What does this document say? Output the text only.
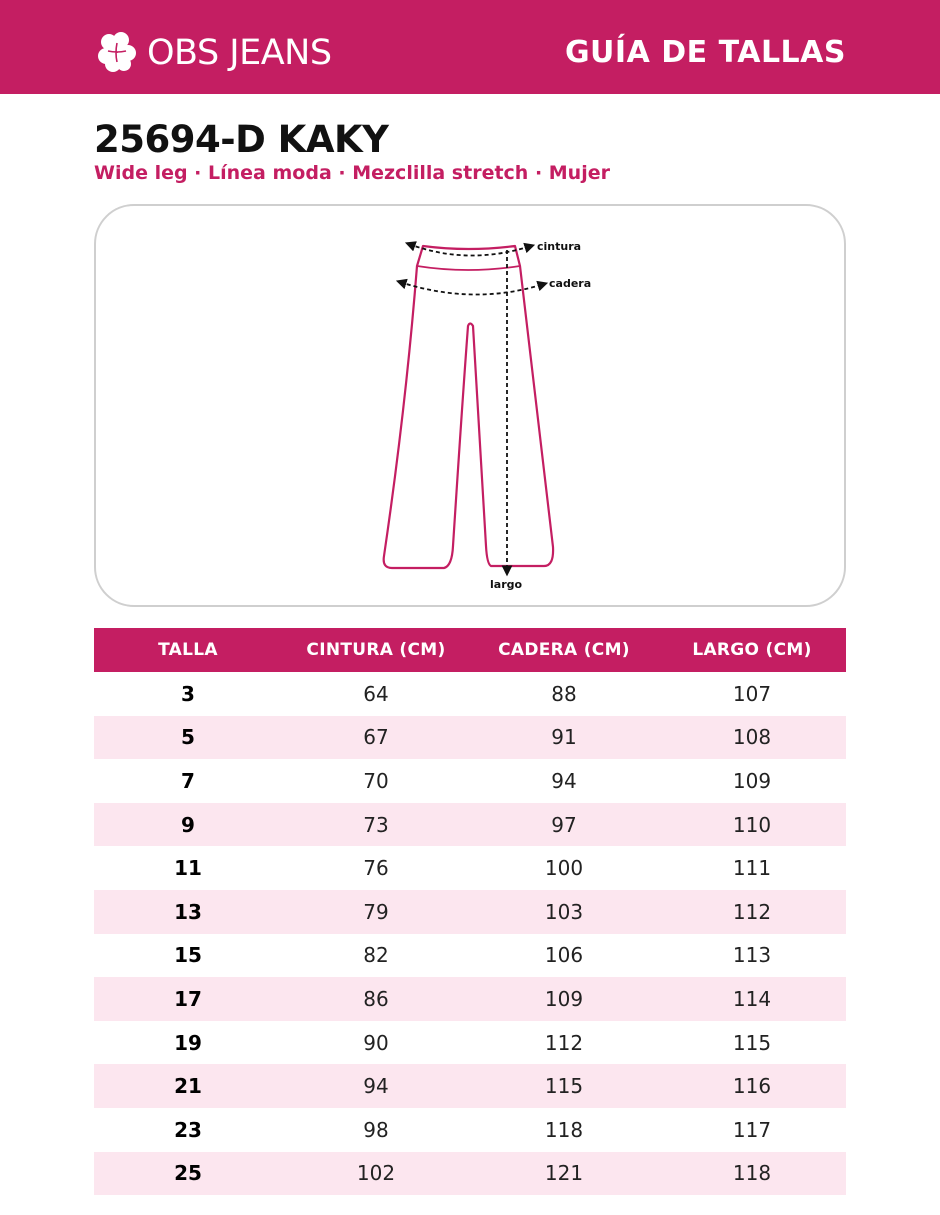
OBS JEANS	GUÍA DE TALLAS
25694-D KAKY
Wide leg · Línea moda · Mezclilla stretch · Mujer
cintura
cadera
largo
TALLA	CINTURA (CM)	CADERA (CM)	LARGO (CM)
3	64	88	107
5	67	91	108
7	70	94	109
9	73	97	110
11	76	100	111
13	79	103	112
15	82	106	113
17	86	109	114
19	90	112	115
21	94	115	116
23	98	118	117
25	102	121	118
